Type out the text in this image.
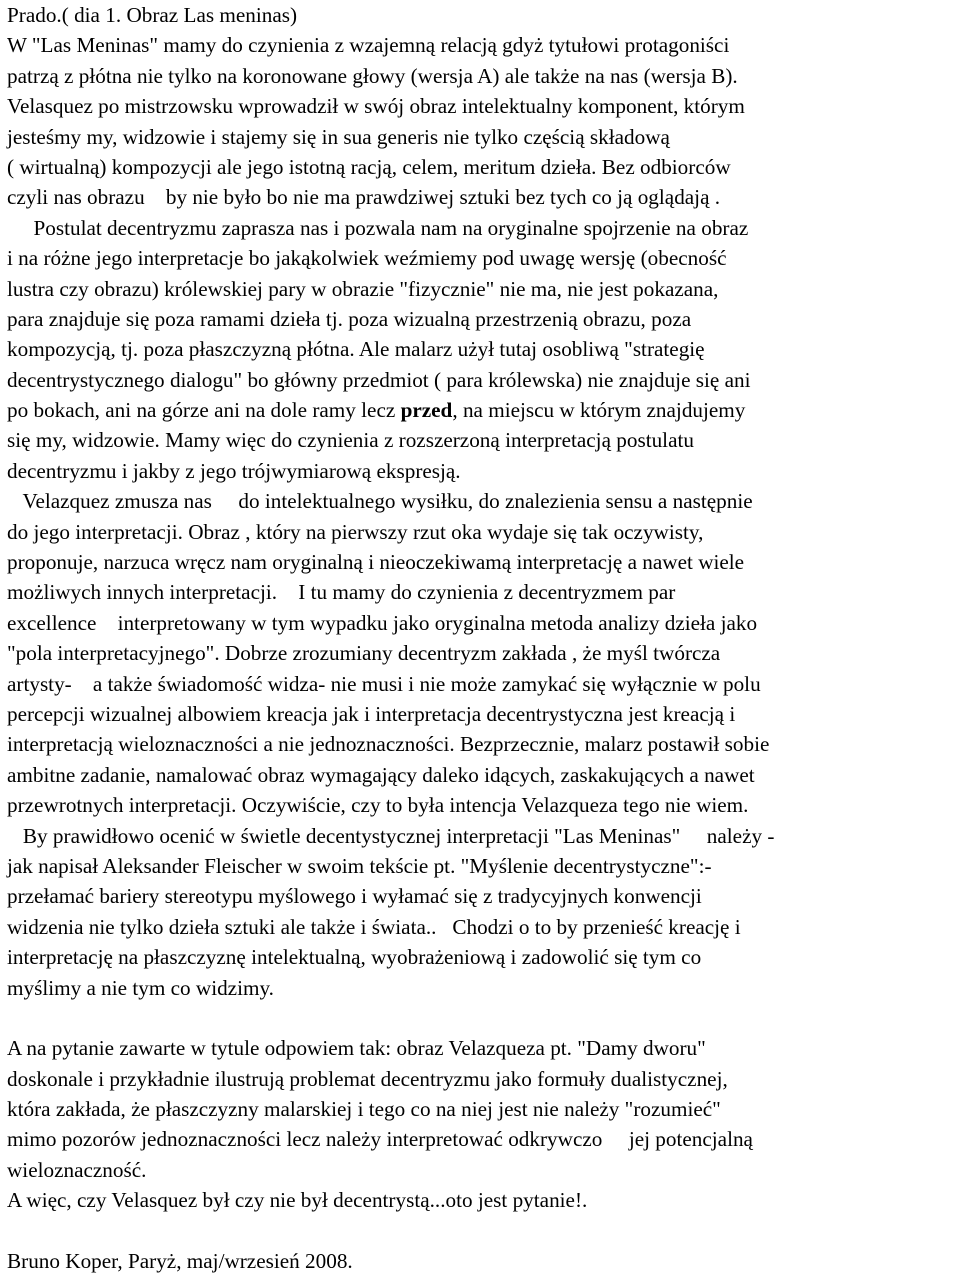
Prado.( dia 1. Obraz Las meninas)
W "Las Meninas" mamy do czynienia z wzajemną relacją gdyż tytułowi protagoniści
patrzą z płótna nie tylko na koronowane głowy (wersja A) ale także na nas (wersja B).
Velasquez po mistrzowsku wprowadził w swój obraz intelektualny komponent, którym
jesteśmy my, widzowie i stajemy się in sua generis nie tylko częścią składową
( wirtualną) kompozycji ale jego istotną racją, celem, meritum dzieła. Bez odbiorców
czyli nas obrazu    by nie było bo nie ma prawdziwej sztuki bez tych co ją oglądają .
Postulat decentryzmu zaprasza nas i pozwala nam na oryginalne spojrzenie na obraz
i na różne jego interpretacje bo jakąkolwiek weźmiemy pod uwagę wersję (obecność
lustra czy obrazu) królewskiej pary w obrazie "fizycznie" nie ma, nie jest pokazana,
para znajduje się poza ramami dzieła tj. poza wizualną przestrzenią obrazu, poza
kompozycją, tj. poza płaszczyzną płótna. Ale malarz użył tutaj osobliwą "strategię
decentrystycznego dialogu" bo główny przedmiot ( para królewska) nie znajduje się ani
po bokach, ani na górze ani na dole ramy lecz przed, na miejscu w którym znajdujemy
się my, widzowie. Mamy więc do czynienia z rozszerzoną interpretacją postulatu
decentryzmu i jakby z jego trójwymiarową ekspresją.
Velazquez zmusza nas     do intelektualnego wysiłku, do znalezienia sensu a następnie
do jego interpretacji. Obraz , który na pierwszy rzut oka wydaje się tak oczywisty,
proponuje, narzuca wręcz nam oryginalną i nieoczekiwamą interpretację a nawet wiele
możliwych innych interpretacji.    I tu mamy do czynienia z decentryzmem par
excellence    interpretowany w tym wypadku jako oryginalna metoda analizy dzieła jako
"pola interpretacyjnego". Dobrze zrozumiany decentryzm zakłada , że myśl twórcza
artysty-    a także świadomość widza- nie musi i nie może zamykać się wyłącznie w polu
percepcji wizualnej albowiem kreacja jak i interpretacja decentrystyczna jest kreacją i
interpretacją wieloznaczności a nie jednoznaczności. Bezprzecznie, malarz postawił sobie
ambitne zadanie, namalować obraz wymagający daleko idących, zaskakujących a nawet
przewrotnych interpretacji. Oczywiście, czy to była intencja Velazqueza tego nie wiem.
By prawidłowo ocenić w świetle decentystycznej interpretacji "Las Meninas"     należy -
jak napisał Aleksander Fleischer w swoim tekście pt. "Myślenie decentrystyczne":-
przełamać bariery stereotypu myślowego i wyłamać się z tradycyjnych konwencji
widzenia nie tylko dzieła sztuki ale także i świata..   Chodzi o to by przenieść kreację i
interpretację na płaszczyznę intelektualną, wyobrażeniową i zadowolić się tym co
myślimy a nie tym co widzimy.
A na pytanie zawarte w tytule odpowiem tak: obraz Velazqueza pt. "Damy dworu"
doskonale i przykładnie ilustrują problemat decentryzmu jako formuły dualistycznej,
która zakłada, że płaszczyzny malarskiej i tego co na niej jest nie należy "rozumieć"
mimo pozorów jednoznaczności lecz należy interpretować odkrywczo     jej potencjalną
wieloznaczność.
A więc, czy Velasquez był czy nie był decentrystą...oto jest pytanie!.
Bruno Koper, Paryż, maj/wrzesień 2008.
